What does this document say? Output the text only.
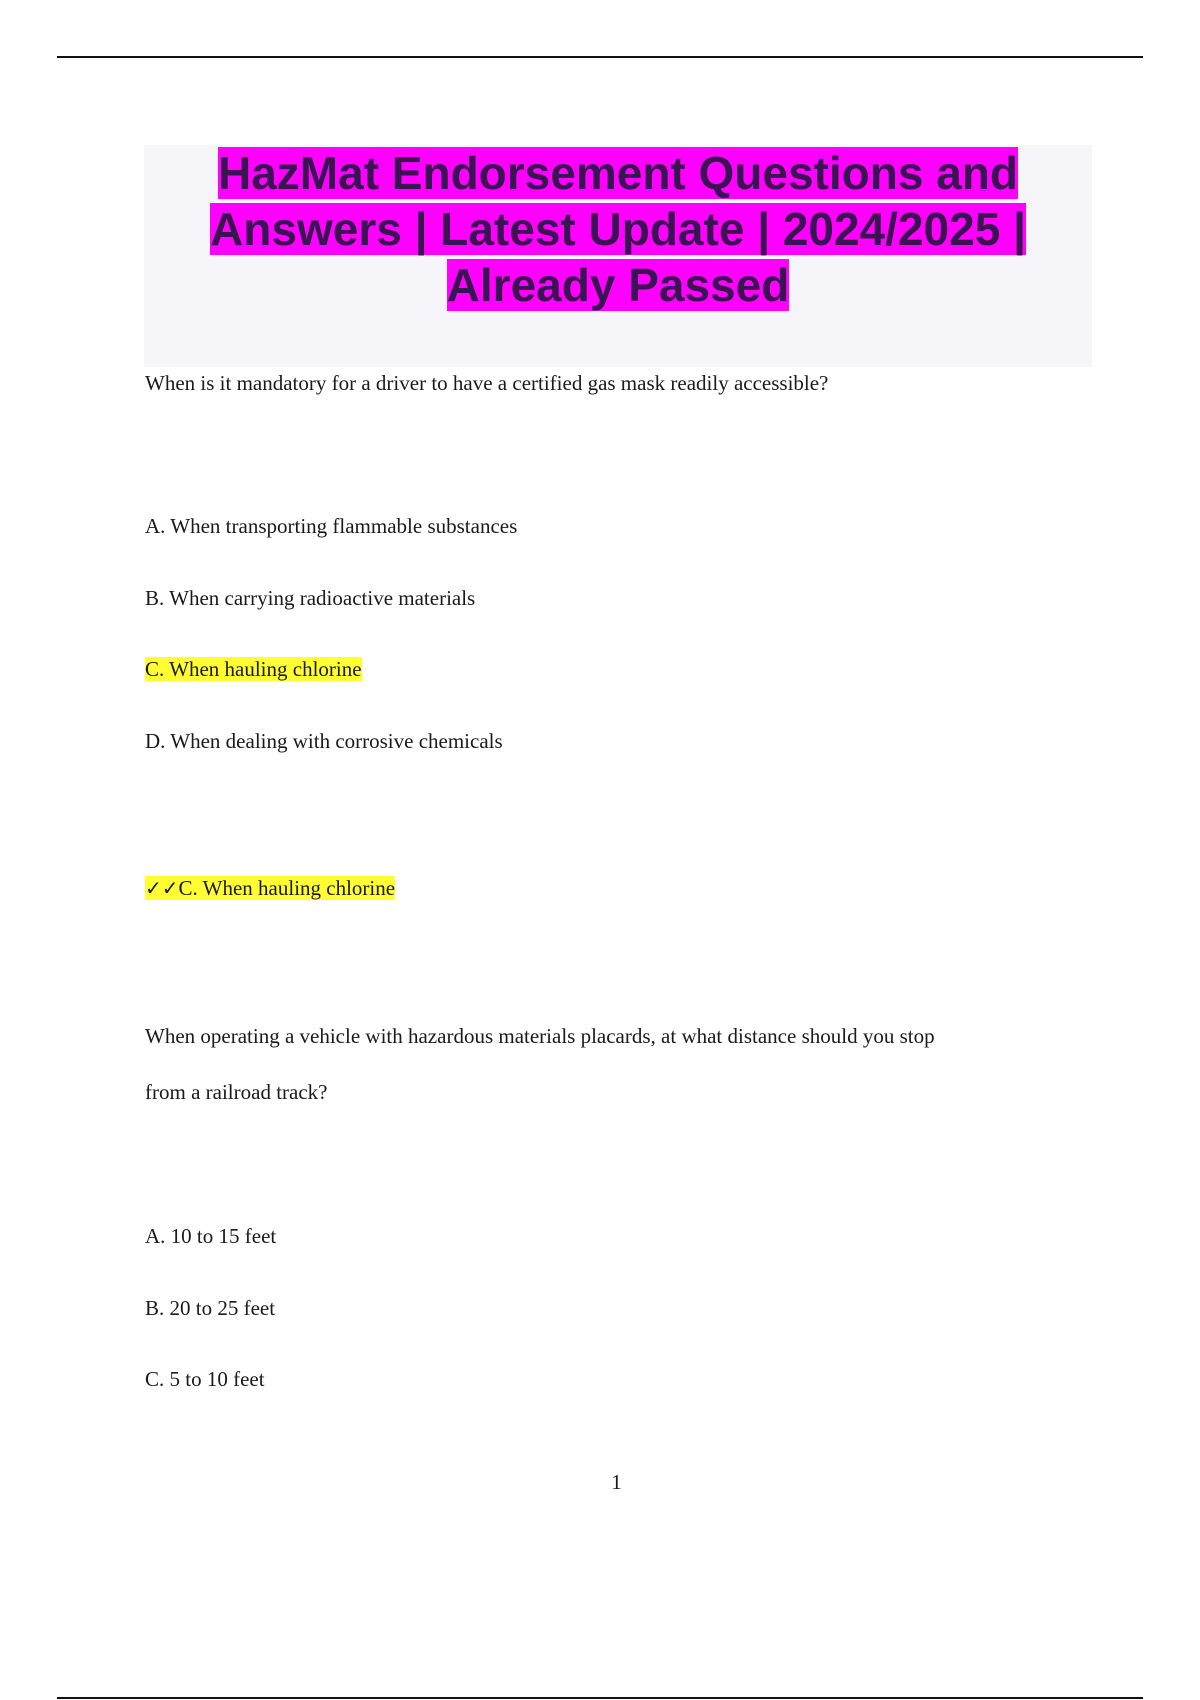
HazMat Endorsement Questions and Answers | Latest Update | 2024/2025 | Already Passed

When is it mandatory for a driver to have a certified gas mask readily accessible?

A. When transporting flammable substances

B. When carrying radioactive materials

C. When hauling chlorine

D. When dealing with corrosive chemicals

✓✓C. When hauling chlorine

When operating a vehicle with hazardous materials placards, at what distance should you stop

from a railroad track?

A. 10 to 15 feet

B. 20 to 25 feet

C. 5 to 10 feet

1
